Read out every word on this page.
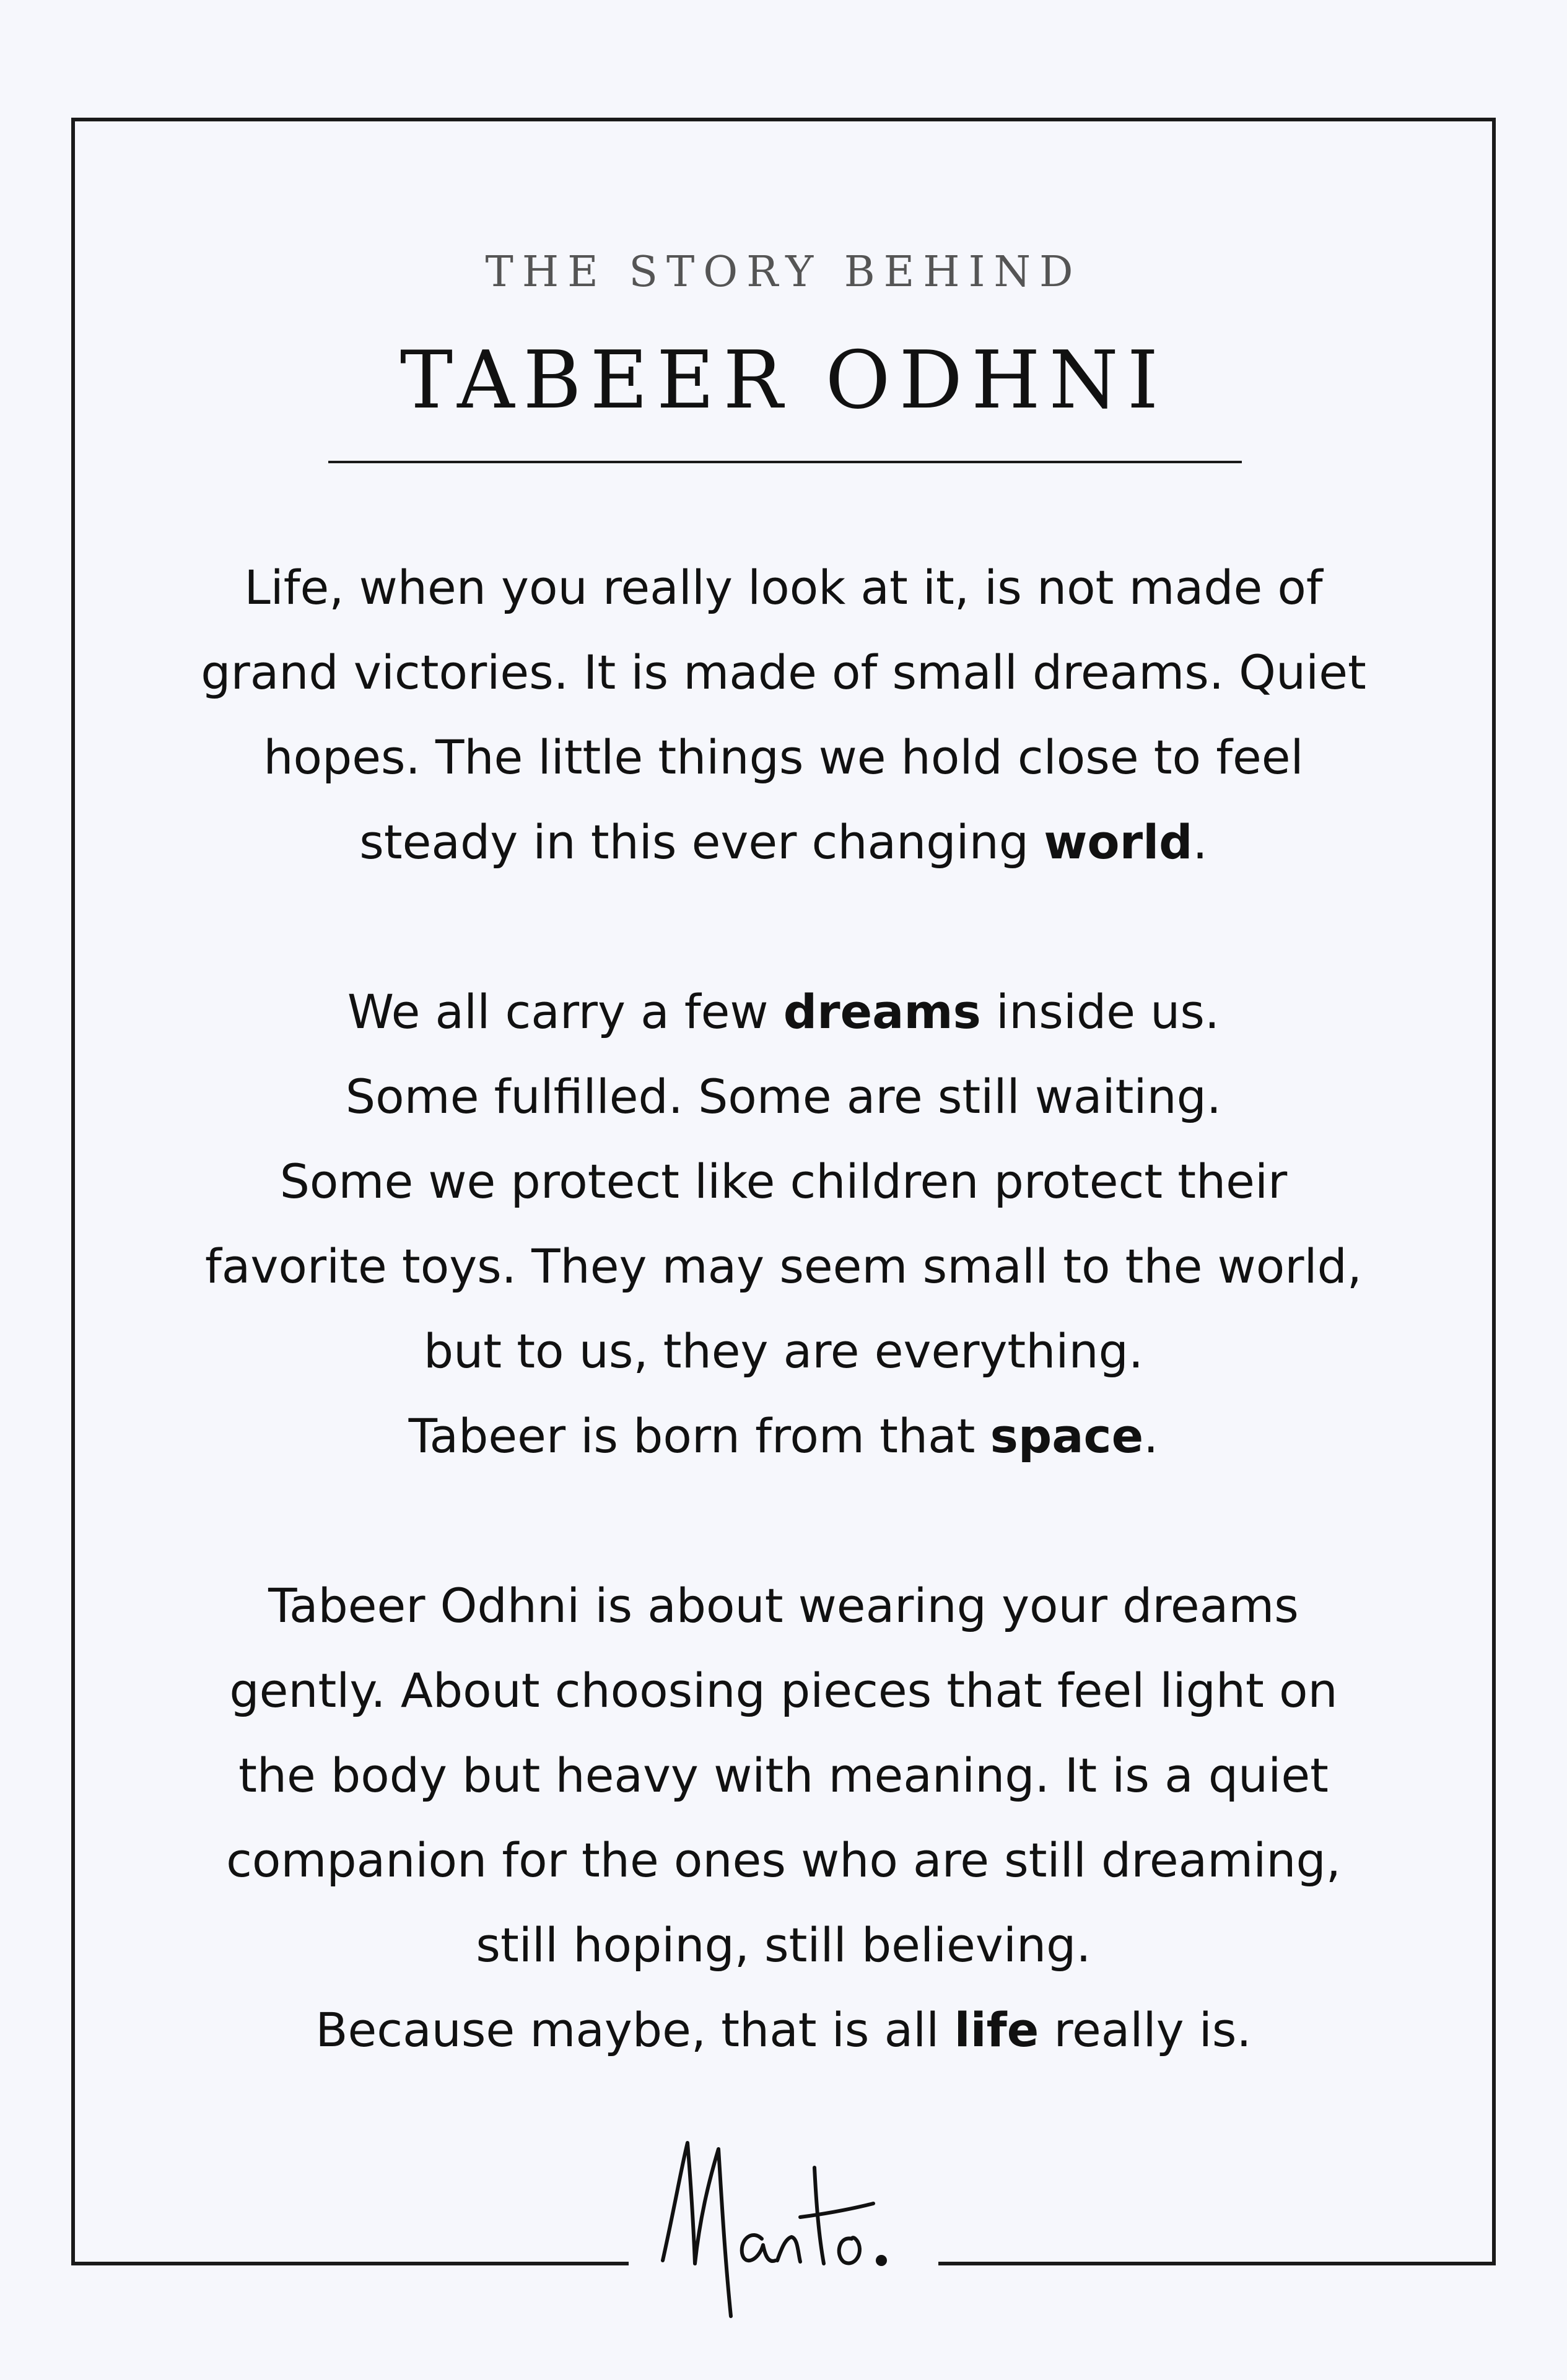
THE STORY BEHIND
TABEER ODHNI
Life, when you really look at it, is not made of
grand victories. It is made of small dreams. Quiet
hopes. The little things we hold close to feel
steady in this ever changing world.
We all carry a few dreams inside us.
Some fulfilled. Some are still waiting.
Some we protect like children protect their
favorite toys. They may seem small to the world,
but to us, they are everything.
Tabeer is born from that space.
Tabeer Odhni is about wearing your dreams
gently. About choosing pieces that feel light on
the body but heavy with meaning. It is a quiet
companion for the ones who are still dreaming,
still hoping, still believing.
Because maybe, that is all life really is.
